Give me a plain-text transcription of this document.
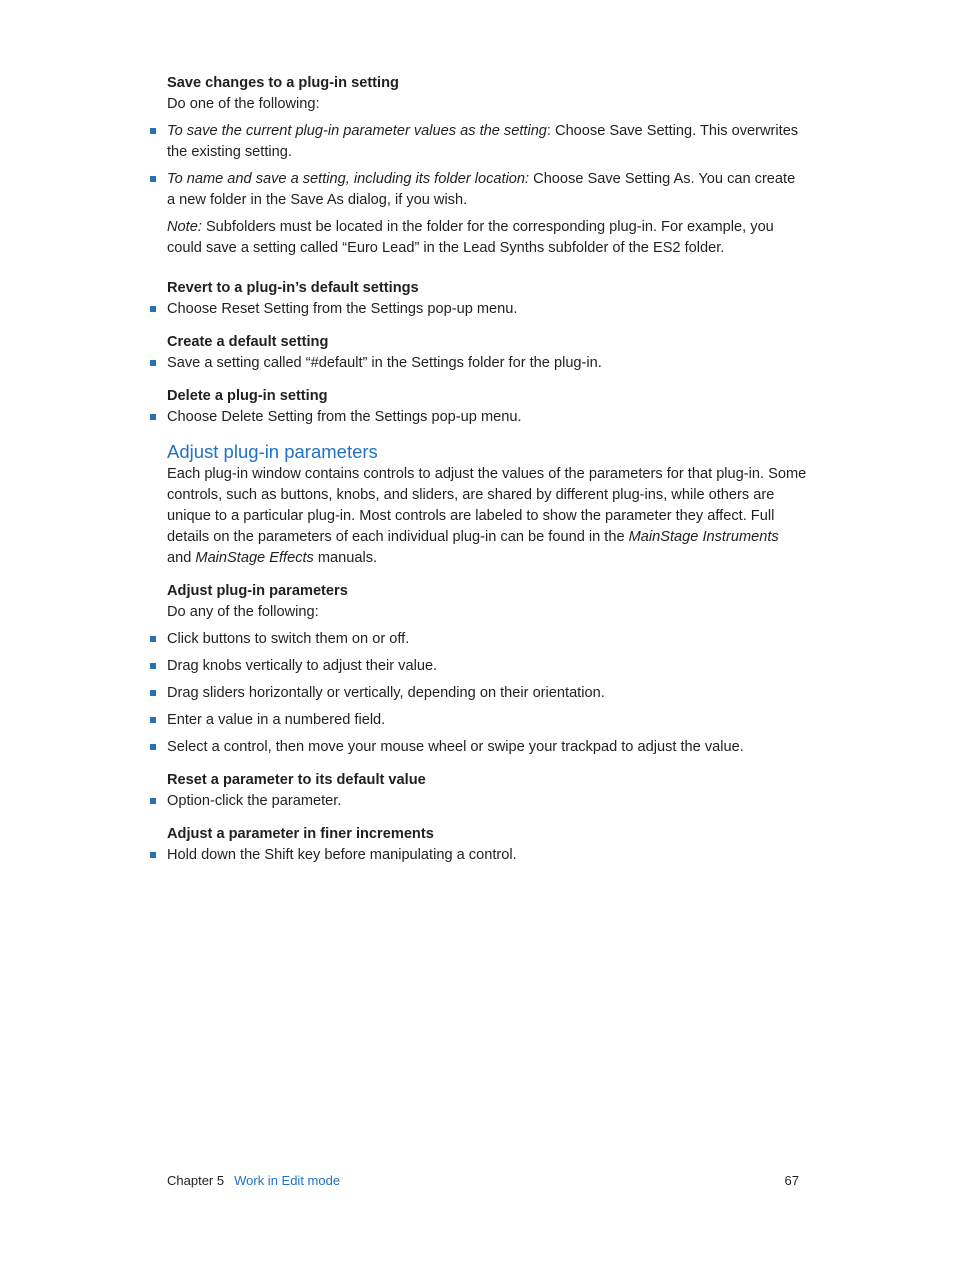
Save changes to a plug-in setting

Do one of the following:

To save the current plug-in parameter values as the setting: Choose Save Setting. This overwrites the existing setting.
To name and save a setting, including its folder location: Choose Save Setting As. You can create a new folder in the Save As dialog, if you wish.

Note: Subfolders must be located in the folder for the corresponding plug-in. For example, you could save a setting called “Euro Lead” in the Lead Synths subfolder of the ES2 folder.

Revert to a plug-in’s default settings

Choose Reset Setting from the Settings pop-up menu.

Create a default setting

Save a setting called “#default” in the Settings folder for the plug-in.

Delete a plug-in setting

Choose Delete Setting from the Settings pop-up menu.
Adjust plug-in parameters

Each plug-in window contains controls to adjust the values of the parameters for that plug-in. Some controls, such as buttons, knobs, and sliders, are shared by different plug-ins, while others are unique to a particular plug-in. Most controls are labeled to show the parameter they affect. Full details on the parameters of each individual plug-in can be found in the MainStage Instruments and MainStage Effects manuals.

Adjust plug-in parameters

Do any of the following:

Click buttons to switch them on or off.
Drag knobs vertically to adjust their value.
Drag sliders horizontally or vertically, depending on their orientation.
Enter a value in a numbered field.
Select a control, then move your mouse wheel or swipe your trackpad to adjust the value.

Reset a parameter to its default value

Option-click the parameter.

Adjust a parameter in finer increments

Hold down the Shift key before manipulating a control.
Chapter 5 Work in Edit mode	67
